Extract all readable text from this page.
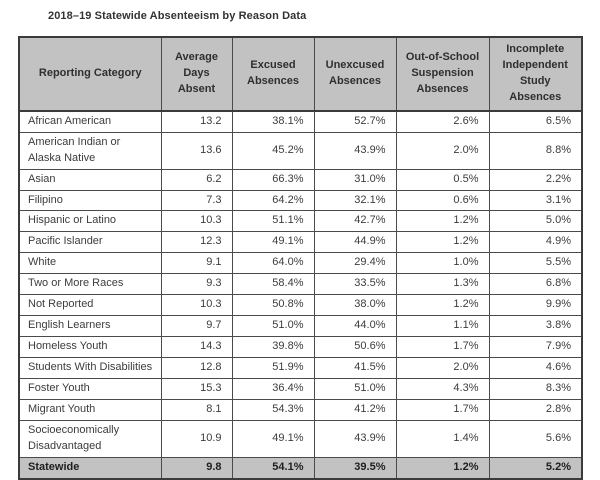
2018–19 Statewide Absenteeism by Reason Data
Reporting Category	Average Days Absent	Excused Absences	Unexcused Absences	Out-of-School Suspension Absences	Incomplete Independent Study Absences
African American	13.2	38.1%	52.7%	2.6%	6.5%
American Indian or Alaska Native	13.6	45.2%	43.9%	2.0%	8.8%
Asian	6.2	66.3%	31.0%	0.5%	2.2%
Filipino	7.3	64.2%	32.1%	0.6%	3.1%
Hispanic or Latino	10.3	51.1%	42.7%	1.2%	5.0%
Pacific Islander	12.3	49.1%	44.9%	1.2%	4.9%
White	9.1	64.0%	29.4%	1.0%	5.5%
Two or More Races	9.3	58.4%	33.5%	1.3%	6.8%
Not Reported	10.3	50.8%	38.0%	1.2%	9.9%
English Learners	9.7	51.0%	44.0%	1.1%	3.8%
Homeless Youth	14.3	39.8%	50.6%	1.7%	7.9%
Students With Disabilities	12.8	51.9%	41.5%	2.0%	4.6%
Foster Youth	15.3	36.4%	51.0%	4.3%	8.3%
Migrant Youth	8.1	54.3%	41.2%	1.7%	2.8%
Socioeconomically Disadvantaged	10.9	49.1%	43.9%	1.4%	5.6%
Statewide	9.8	54.1%	39.5%	1.2%	5.2%
